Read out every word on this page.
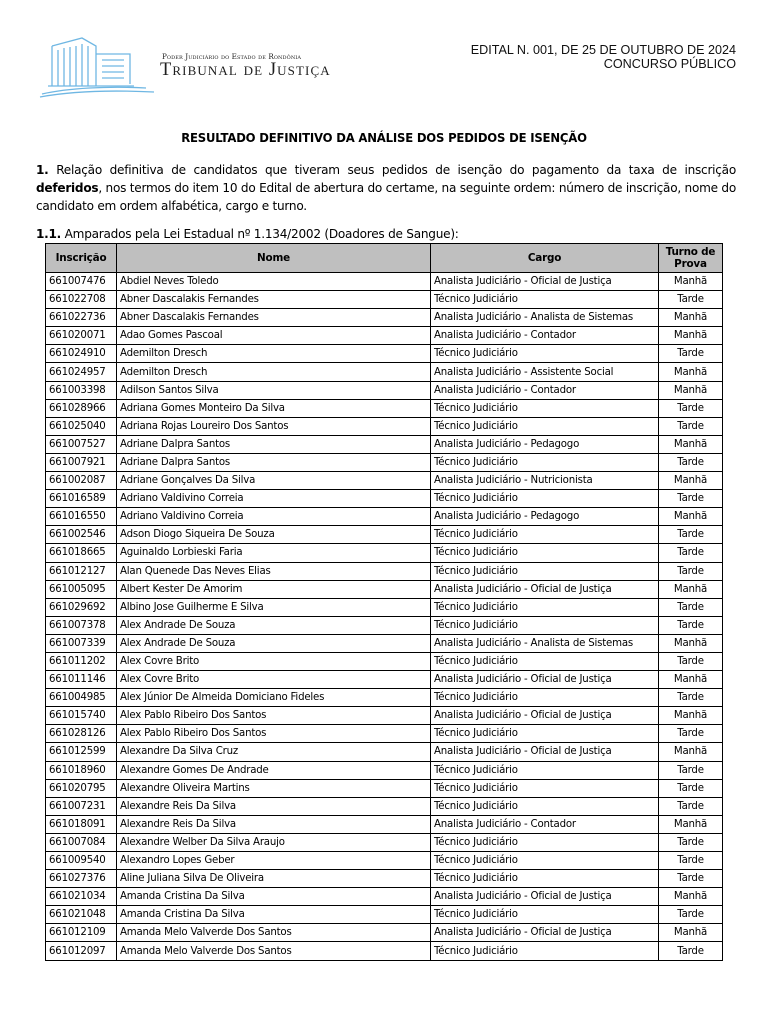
Poder Judiciário do Estado de Rondônia
Tribunal de Justiça
EDITAL N. 001, DE 25 DE OUTUBRO DE 2024
CONCURSO PÚBLICO
RESULTADO DEFINITIVO DA ANÁLISE DOS PEDIDOS DE ISENÇÃO
1. Relação definitiva de candidatos que tiveram seus pedidos de isenção do pagamento da taxa de inscrição deferidos, nos termos do item 10 do Edital de abertura do certame, na seguinte ordem: número de inscrição, nome do candidato em ordem alfabética, cargo e turno.
1.1. Amparados pela Lei Estadual nº 1.134/2002 (Doadores de Sangue):
Inscrição	Nome	Cargo	Turno de Prova
661007476	Abdiel Neves Toledo	Analista Judiciário - Oficial de Justiça	Manhã
661022708	Abner Dascalakis Fernandes	Técnico Judiciário	Tarde
661022736	Abner Dascalakis Fernandes	Analista Judiciário - Analista de Sistemas	Manhã
661020071	Adao Gomes Pascoal	Analista Judiciário - Contador	Manhã
661024910	Ademilton Dresch	Técnico Judiciário	Tarde
661024957	Ademilton Dresch	Analista Judiciário - Assistente Social	Manhã
661003398	Adilson Santos Silva	Analista Judiciário - Contador	Manhã
661028966	Adriana Gomes Monteiro Da Silva	Técnico Judiciário	Tarde
661025040	Adriana Rojas Loureiro Dos Santos	Técnico Judiciário	Tarde
661007527	Adriane Dalpra Santos	Analista Judiciário - Pedagogo	Manhã
661007921	Adriane Dalpra Santos	Técnico Judiciário	Tarde
661002087	Adriane Gonçalves Da Silva	Analista Judiciário - Nutricionista	Manhã
661016589	Adriano Valdivino Correia	Técnico Judiciário	Tarde
661016550	Adriano Valdivino Correia	Analista Judiciário - Pedagogo	Manhã
661002546	Adson Diogo Siqueira De Souza	Técnico Judiciário	Tarde
661018665	Aguinaldo Lorbieski Faria	Técnico Judiciário	Tarde
661012127	Alan Quenede Das Neves Elias	Técnico Judiciário	Tarde
661005095	Albert Kester De Amorim	Analista Judiciário - Oficial de Justiça	Manhã
661029692	Albino Jose Guilherme E Silva	Técnico Judiciário	Tarde
661007378	Alex Andrade De Souza	Técnico Judiciário	Tarde
661007339	Alex Andrade De Souza	Analista Judiciário - Analista de Sistemas	Manhã
661011202	Alex Covre Brito	Técnico Judiciário	Tarde
661011146	Alex Covre Brito	Analista Judiciário - Oficial de Justiça	Manhã
661004985	Alex Júnior De Almeida Domiciano Fideles	Técnico Judiciário	Tarde
661015740	Alex Pablo Ribeiro Dos Santos	Analista Judiciário - Oficial de Justiça	Manhã
661028126	Alex Pablo Ribeiro Dos Santos	Técnico Judiciário	Tarde
661012599	Alexandre Da Silva Cruz	Analista Judiciário - Oficial de Justiça	Manhã
661018960	Alexandre Gomes De Andrade	Técnico Judiciário	Tarde
661020795	Alexandre Oliveira Martins	Técnico Judiciário	Tarde
661007231	Alexandre Reis Da Silva	Técnico Judiciário	Tarde
661018091	Alexandre Reis Da Silva	Analista Judiciário - Contador	Manhã
661007084	Alexandre Welber Da Silva Araujo	Técnico Judiciário	Tarde
661009540	Alexandro Lopes Geber	Técnico Judiciário	Tarde
661027376	Aline Juliana Silva De Oliveira	Técnico Judiciário	Tarde
661021034	Amanda Cristina Da Silva	Analista Judiciário - Oficial de Justiça	Manhã
661021048	Amanda Cristina Da Silva	Técnico Judiciário	Tarde
661012109	Amanda Melo Valverde Dos Santos	Analista Judiciário - Oficial de Justiça	Manhã
661012097	Amanda Melo Valverde Dos Santos	Técnico Judiciário	Tarde
